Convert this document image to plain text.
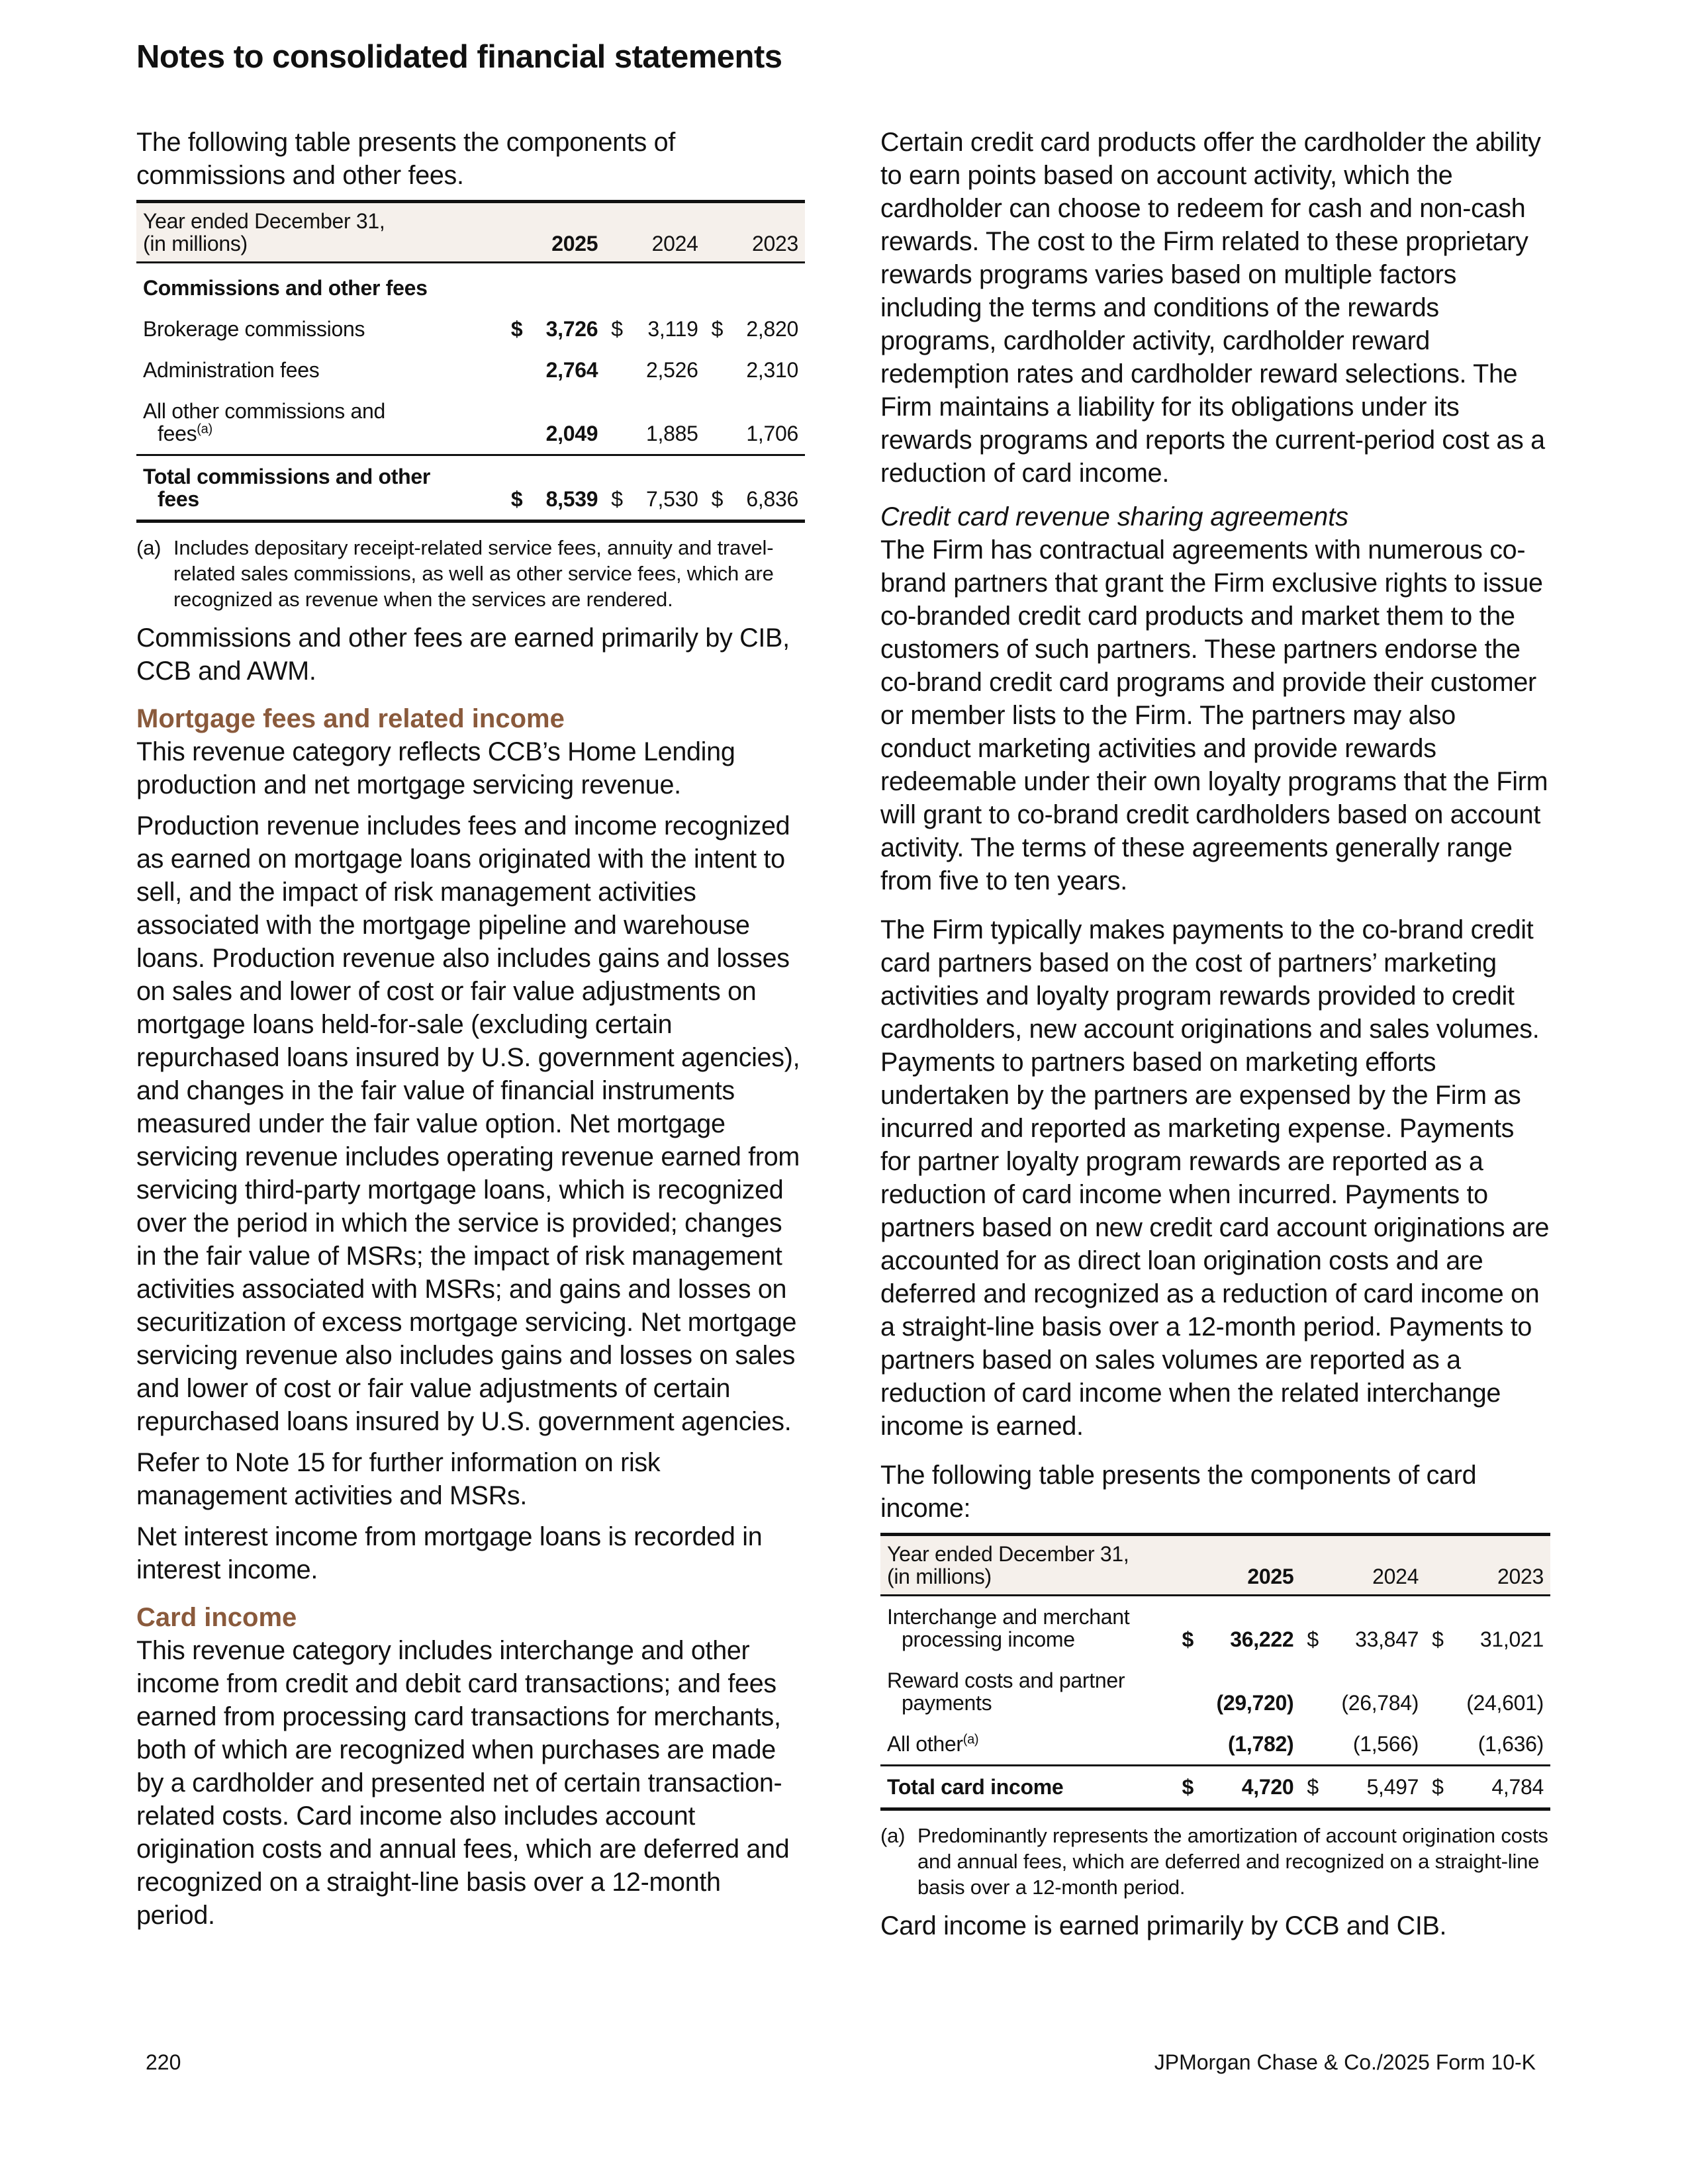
Notes to consolidated financial statements

The following table presents the components of commissions and other fees.

Year ended December 31,
(in millions)	2025		2024		2023	
Commissions and other fees						
Brokerage commissions	$	3,726	$	3,119	$	2,820
Administration fees		2,764		2,526		2,310
All other commissions and
fees$^{(a)}$		2,049		1,885		1,706
Total commissions and other
fees	$	8,539	$	7,530	$	6,836
(a) Includes depositary receipt-related service fees, annuity and travel-related sales commissions, as well as other service fees, which are recognized as revenue when the services are rendered.

Commissions and other fees are earned primarily by CIB, CCB and AWM.

Mortgage fees and related income

This revenue category reflects CCB’s Home Lending production and net mortgage servicing revenue.

Production revenue includes fees and income recognized as earned on mortgage loans originated with the intent to sell, and the impact of risk management activities associated with the mortgage pipeline and warehouse loans. Production revenue also includes gains and losses on sales and lower of cost or fair value adjustments on mortgage loans held-for-sale (excluding certain repurchased loans insured by U.S. government agencies), and changes in the fair value of financial instruments measured under the fair value option. Net mortgage servicing revenue includes operating revenue earned from servicing third-party mortgage loans, which is recognized over the period in which the service is provided; changes in the fair value of MSRs; the impact of risk management activities associated with MSRs; and gains and losses on securitization of excess mortgage servicing. Net mortgage servicing revenue also includes gains and losses on sales and lower of cost or fair value adjustments of certain repurchased loans insured by U.S. government agencies.

Refer to Note 15 for further information on risk management activities and MSRs.

Net interest income from mortgage loans is recorded in interest income.

Card income

This revenue category includes interchange and other income from credit and debit card transactions; and fees earned from processing card transactions for merchants, both of which are recognized when purchases are made by a cardholder and presented net of certain transaction-related costs. Card income also includes account origination costs and annual fees, which are deferred and recognized on a straight-line basis over a 12-month period.

Certain credit card products offer the cardholder the ability to earn points based on account activity, which the cardholder can choose to redeem for cash and non-cash rewards. The cost to the Firm related to these proprietary rewards programs varies based on multiple factors including the terms and conditions of the rewards programs, cardholder activity, cardholder reward redemption rates and cardholder reward selections. The Firm maintains a liability for its obligations under its rewards programs and reports the current-period cost as a reduction of card income.

Credit card revenue sharing agreements

The Firm has contractual agreements with numerous co-brand partners that grant the Firm exclusive rights to issue co-branded credit card products and market them to the customers of such partners. These partners endorse the co-brand credit card programs and provide their customer or member lists to the Firm. The partners may also conduct marketing activities and provide rewards redeemable under their own loyalty programs that the Firm will grant to co-brand credit cardholders based on account activity. The terms of these agreements generally range from five to ten years.

The Firm typically makes payments to the co-brand credit card partners based on the cost of partners’ marketing activities and loyalty program rewards provided to credit cardholders, new account originations and sales volumes. Payments to partners based on marketing efforts undertaken by the partners are expensed by the Firm as incurred and reported as marketing expense. Payments for partner loyalty program rewards are reported as a reduction of card income when incurred. Payments to partners based on new credit card account originations are accounted for as direct loan origination costs and are deferred and recognized as a reduction of card income on a straight-line basis over a 12-month period. Payments to partners based on sales volumes are reported as a reduction of card income when the related interchange income is earned.

The following table presents the components of card income:

Year ended December 31,
(in millions)	2025		2024		2023	
Interchange and merchant
processing income	$	36,222	$	33,847	$	31,021
Reward costs and partner
payments		(29,720)		(26,784)		(24,601)
All other$^{(a)}$		(1,782)		(1,566)		(1,636)
Total card income	$	4,720	$	5,497	$	4,784
(a) Predominantly represents the amortization of account origination costs and annual fees, which are deferred and recognized on a straight-line basis over a 12-month period.

Card income is earned primarily by CCB and CIB.

220	JPMorgan Chase & Co./2025 Form 10-K
